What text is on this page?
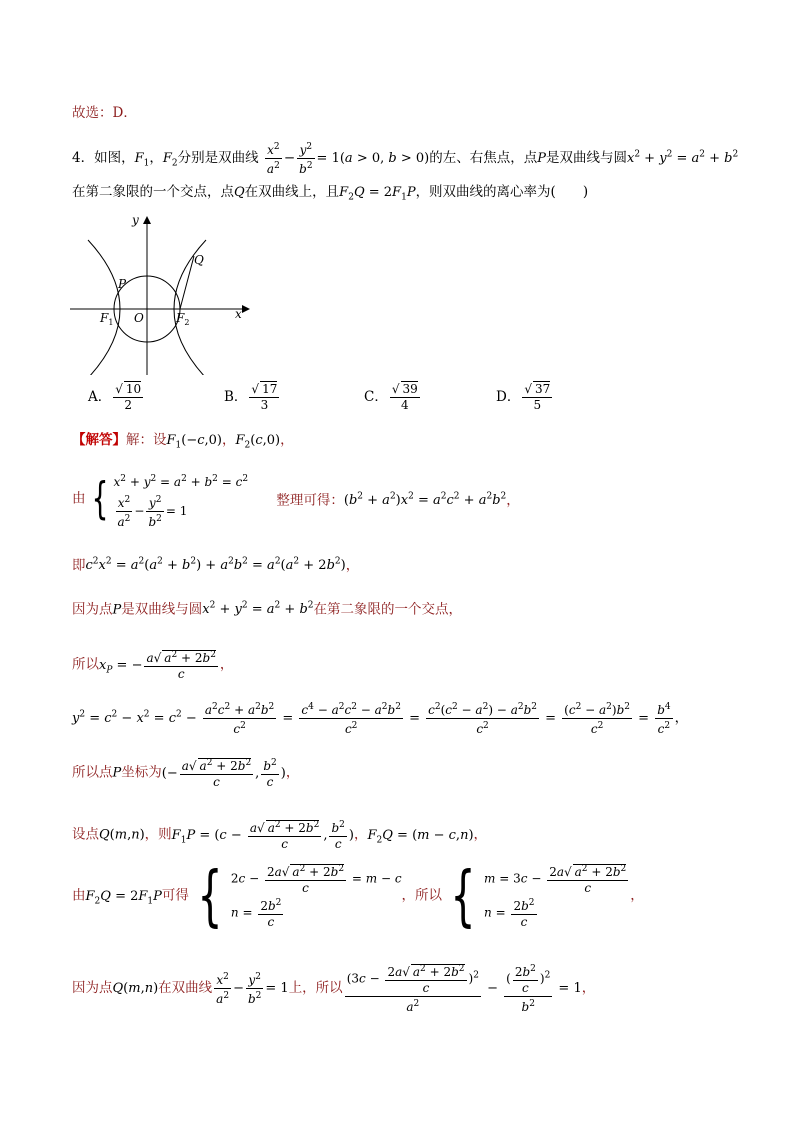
故选：D．
4．如图，$F_1$，$F_2$分别是双曲线 $\frac{x^2}{a^2} - \frac{y^2}{b^2} = 1(a > 0$, b > 0)的左、右焦点，点P是双曲线与圆$x^2 + y^2 = a^2 + b^2$
在第二象限的一个交点，点Q在双曲线上，且$F_2Q = 2F_1P$，则双曲线的离心率为(　　)
x
y
O
P
Q
$F_1$	$F_2$
A． $\frac{√ 10}{2}$	B． $\frac{√ 17}{3}$	C． $\frac{√ 39}{4}$	D． $\frac{√ 37}{5}$
【解答】解：设$F_1(-c,0)$，$F_2(c,0)$，
由 { $x^2 + y^2 = a^2 + b^2 = c^2$
$\frac{x^2}{a^2} - \frac{y^2}{b^2} = 1$
整理可得：$(b^2 + a^2)x^2 = a^2c^2 + a^2b^2$，
即$c^2x^2 = a^2(a^2 + b^2) + a^2b^2 = a^2(a^2 + 2b^2)$，
因为点P是双曲线与圆$x^2 + y^2 = a^2 + b^2$在第二象限的一个交点，
所以$x_P$ = − $\frac{a√ a^2 + 2b^2}{c}$ ，
$y^2 = c^2 - x^2 = c^2 - \frac{a^2c^2 + a^2b^2}{c^2} = \frac{c^4 - a^2c^2 - a^2b^2}{c^2} = \frac{c^2(c^2 - a^2) - a^2b^2}{c^2} = \frac{(c^2 - a^2)b^2}{c^2} = \frac{b^4}{c^2}$ ，
所以点P坐标为(− $\frac{a√ a^2 + 2b^2}{c}$ , $\frac{b^2}{c}$ )，
设点Q(m,n)，则$F_1P = (c - \frac{a√ a^2 + 2b^2}{c}$ , $\frac{b^2}{c}$ )，$F_2Q = (m - c,n)$，
由$F_2Q = 2F_1P$可得 { $2c - \frac{2a√ a^2 + 2b^2}{c} = m - c$
$n = \frac{2b^2}{c}$
，所以 { $m = 3c - \frac{2a√ a^2 + 2b^2}{c}$
$n = \frac{2b^2}{c}$
，
因为点Q(m,n)在双曲线 $\frac{x^2}{a^2} - \frac{y^2}{b^2} = 1$上，所以 $\frac{(3c - \frac{2a√ a^2 + 2b^2}{c} )^2}{a^2} - \frac{( \frac{2b^2}{c} )^2}{b^2} = 1$，
